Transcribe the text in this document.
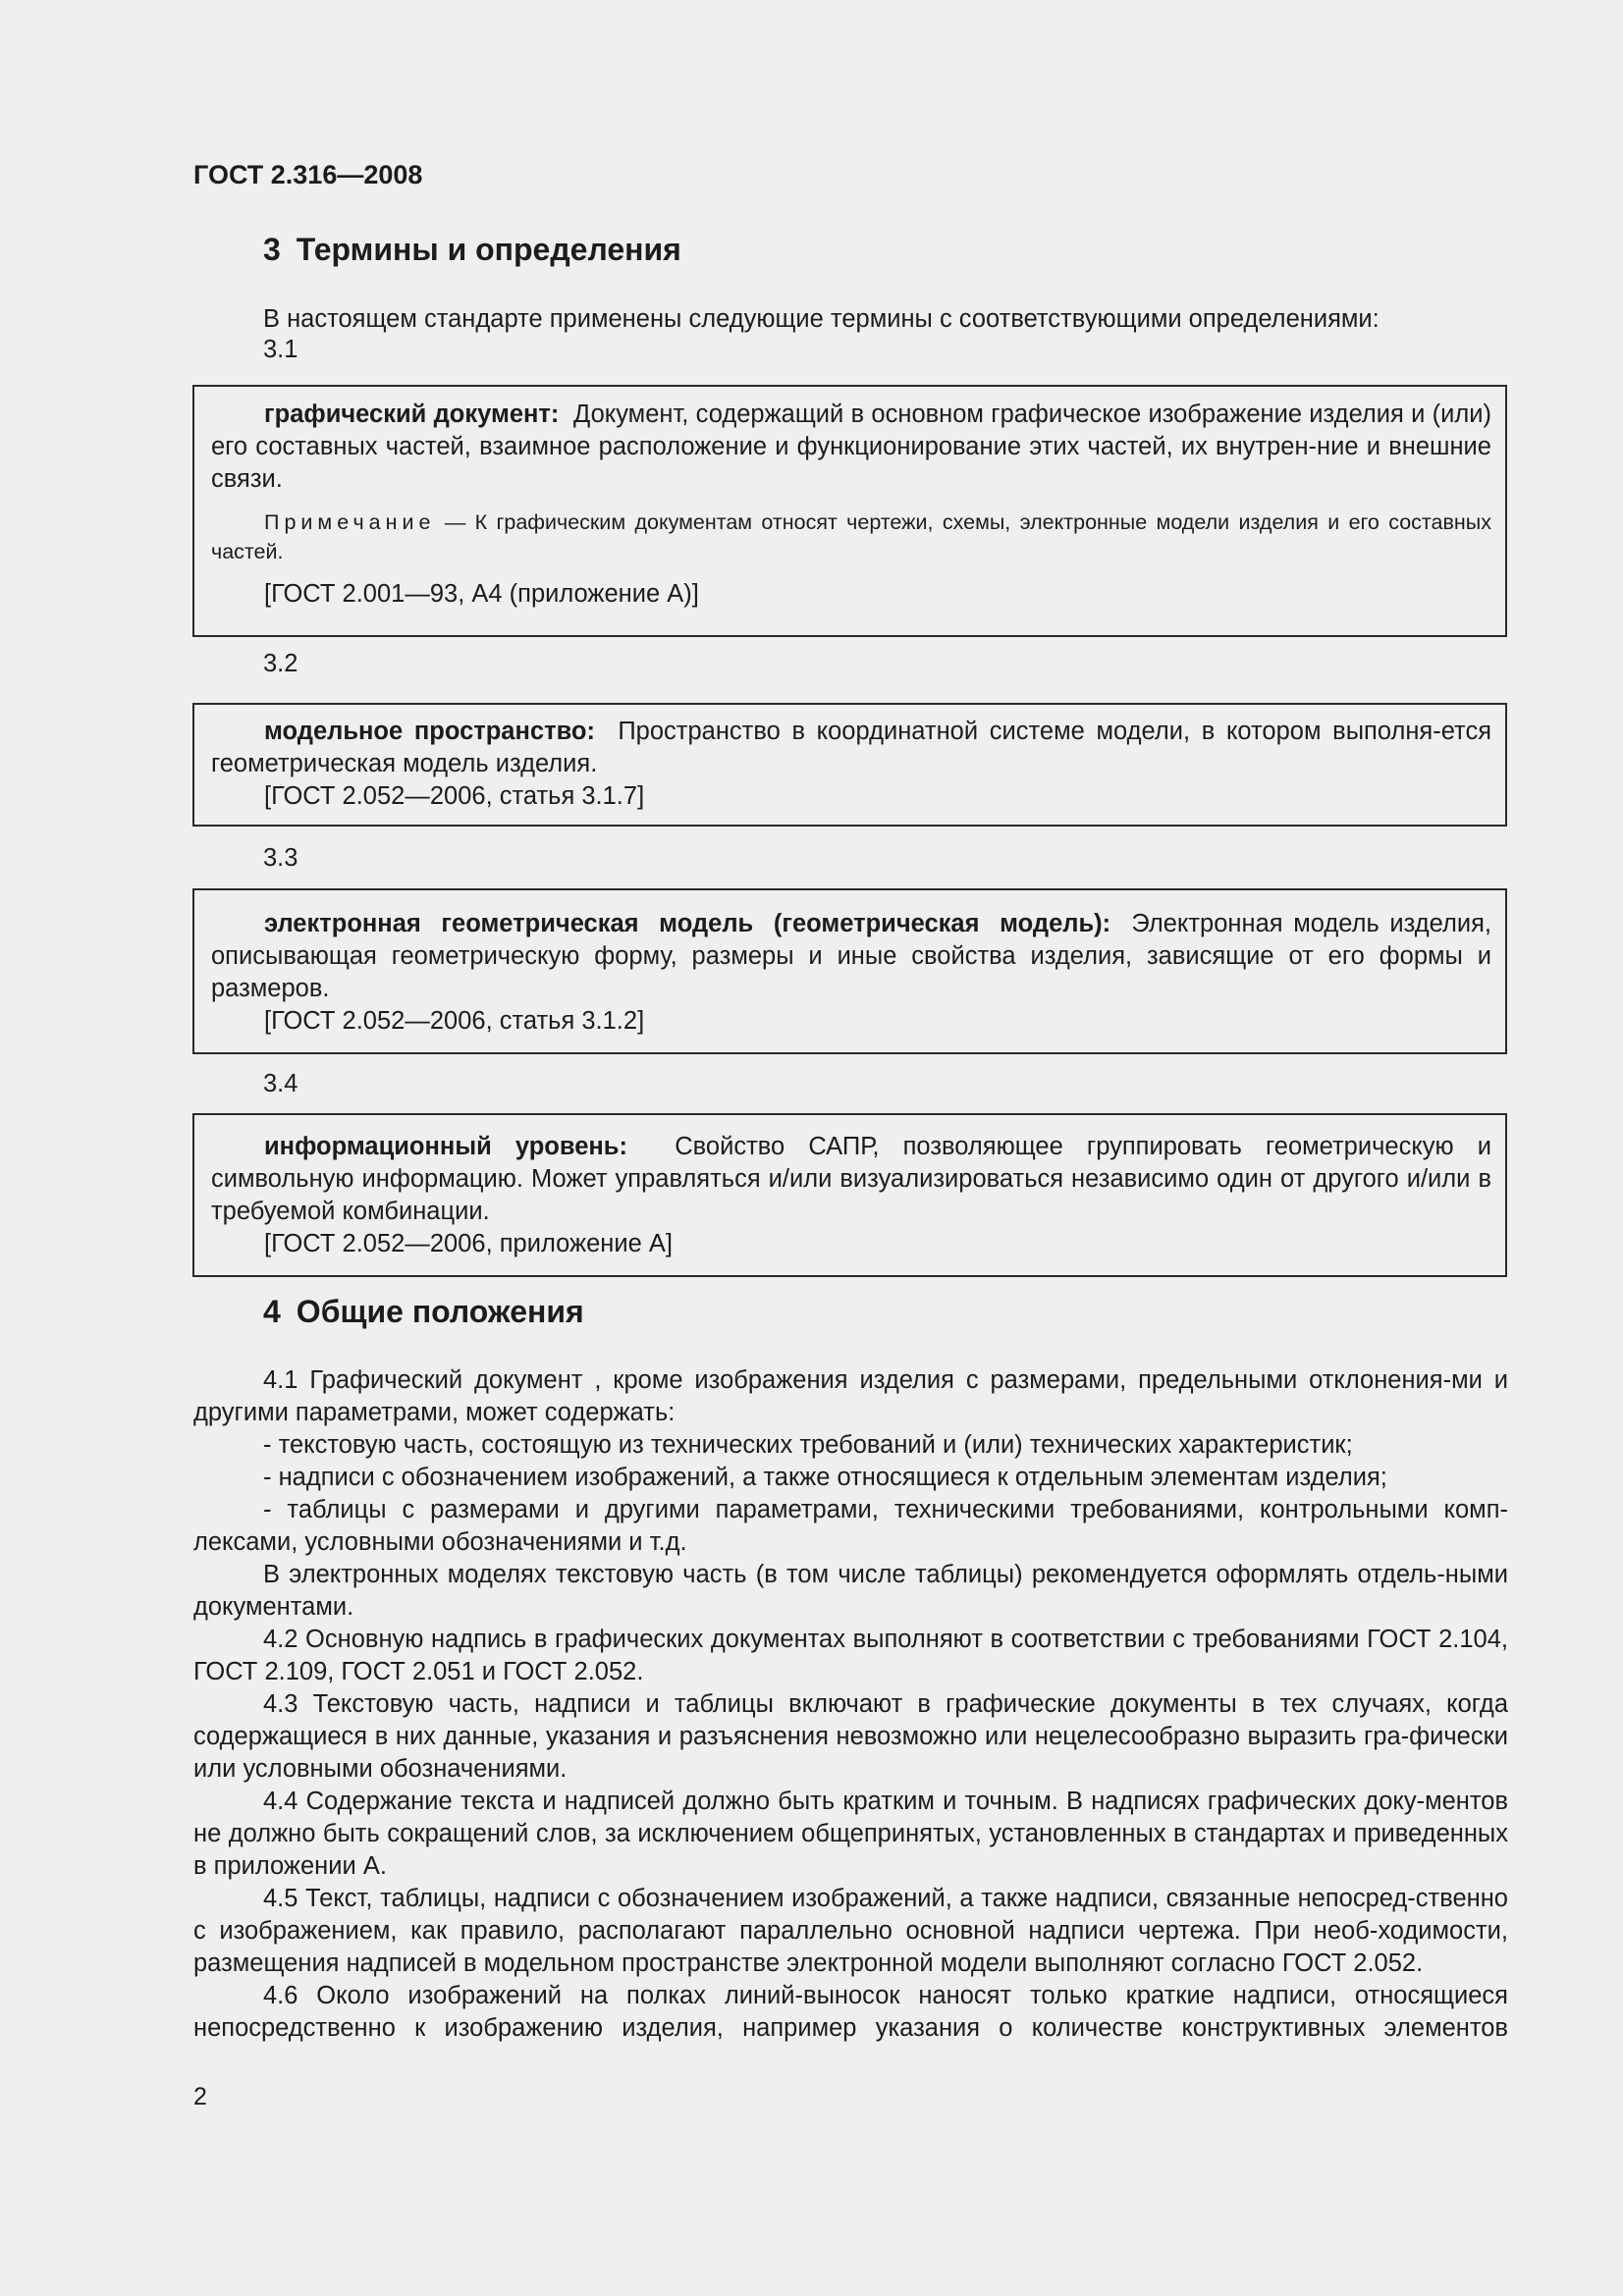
ГОСТ 2.316—2008
3 Термины и определения
В настоящем стандарте применены следующие термины с соответствующими определениями:
3.1

графический документ: Документ, содержащий в основном графическое изображение изделия и (или) его составных частей, взаимное расположение и функционирование этих частей, их внутрен-ние и внешние связи.

Примечание — К графическим документам относят чертежи, схемы, электронные модели изделия и его составных частей.

[ГОСТ 2.001—93, А4 (приложение А)]

3.2

модельное пространство: Пространство в координатной системе модели, в котором выполня-ется геометрическая модель изделия.

[ГОСТ 2.052—2006, статья 3.1.7]

3.3

электронная геометрическая модель (геометрическая модель): Электронная модель изделия, описывающая геометрическую форму, размеры и иные свойства изделия, зависящие от его формы и размеров.

[ГОСТ 2.052—2006, статья 3.1.2]

3.4

информационный уровень: Свойство САПР, позволяющее группировать геометрическую и символьную информацию. Может управляться и/или визуализироваться независимо один от другого и/или в требуемой комбинации.

[ГОСТ 2.052—2006, приложение А]

4 Общие положения

4.1 Графический документ , кроме изображения изделия с размерами, предельными отклонения-ми и другими параметрами, может содержать:

- текстовую часть, состоящую из технических требований и (или) технических характеристик;

- надписи с обозначением изображений, а также относящиеся к отдельным элементам изделия;

- таблицы с размерами и другими параметрами, техническими требованиями, контрольными комп-лексами, условными обозначениями и т.д.

В электронных моделях текстовую часть (в том числе таблицы) рекомендуется оформлять отдель-ными документами.

4.2 Основную надпись в графических документах выполняют в соответствии с требованиями ГОСТ 2.104, ГОСТ 2.109, ГОСТ 2.051 и ГОСТ 2.052.

4.3 Текстовую часть, надписи и таблицы включают в графические документы в тех случаях, когда содержащиеся в них данные, указания и разъяснения невозможно или нецелесообразно выразить гра-фически или условными обозначениями.

4.4 Содержание текста и надписей должно быть кратким и точным. В надписях графических доку-ментов не должно быть сокращений слов, за исключением общепринятых, установленных в стандартах и приведенных в приложении А.

4.5 Текст, таблицы, надписи с обозначением изображений, а также надписи, связанные непосред-ственно с изображением, как правило, располагают параллельно основной надписи чертежа. При необ-ходимости, размещения надписей в модельном пространстве электронной модели выполняют согласно ГОСТ 2.052.

4.6 Около изображений на полках линий-выносок наносят только краткие надписи, относящиеся непосредственно к изображению изделия, например указания о количестве конструктивных элементов

2
